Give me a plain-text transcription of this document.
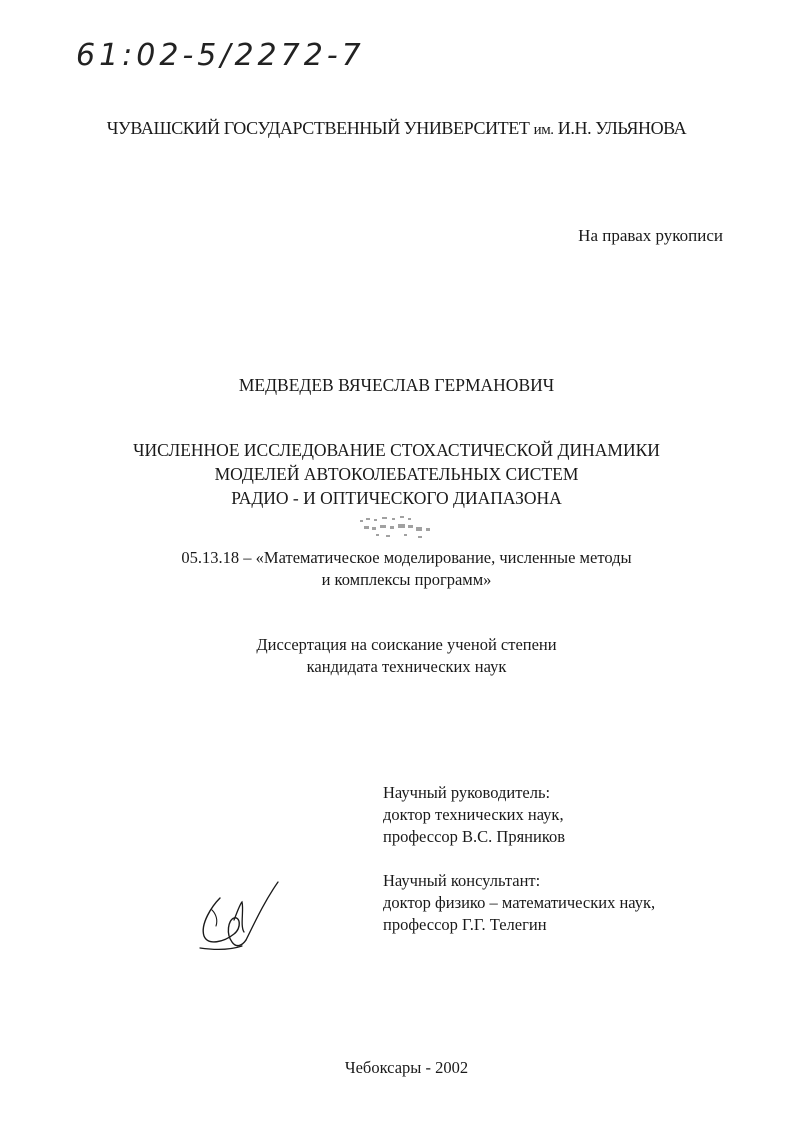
61:02-5/2272-7
ЧУВАШСКИЙ ГОСУДАРСТВЕННЫЙ УНИВЕРСИТЕТ им. И.Н. УЛЬЯНОВА
На правах рукописи
МЕДВЕДЕВ ВЯЧЕСЛАВ ГЕРМАНОВИЧ
ЧИСЛЕННОЕ ИССЛЕДОВАНИЕ СТОХАСТИЧЕСКОЙ ДИНАМИКИ
МОДЕЛЕЙ АВТОКОЛЕБАТЕЛЬНЫХ СИСТЕМ
РАДИО - И ОПТИЧЕСКОГО ДИАПАЗОНА
05.13.18 – «Математическое моделирование, численные методы
и комплексы программ»
Диссертация на соискание ученой степени
кандидата технических наук
Научный руководитель:
доктор технических наук,
профессор В.С. Пряников
Научный консультант:
доктор физико – математических наук,
профессор Г.Г. Телегин
Чебоксары - 2002
